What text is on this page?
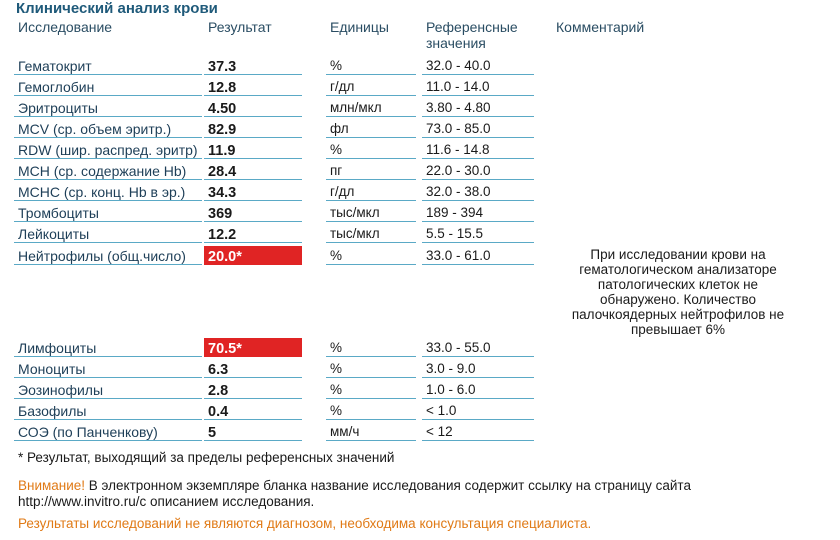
Клинический анализ крови
Исследование	Результат	Единицы	Референсные
значения
Комментарий
Гематокрит	37.3	%	32.0 - 40.0
Гемоглобин	12.8	г/дл	11.0 - 14.0
Эритроциты	4.50	млн/мкл	3.80 - 4.80
MCV (ср. объем эритр.)	82.9	фл	73.0 - 85.0
RDW (шир. распред. эритр) 11.9	%	11.6 - 14.8
MCH (ср. содержание Hb)	28.4	пг	22.0 - 30.0
MCHC (ср. конц. Hb в эр.)	34.3	г/дл	32.0 - 38.0
Тромбоциты	369	тыс/мкл	189 - 394
Лейкоциты	12.2	тыс/мкл	5.5 - 15.5
Нейтрофилы (общ.число)	20.0*	%	33.0 - 61.0
Лимфоциты	70.5*	%	33.0 - 55.0
Моноциты	6.3	%	3.0 - 9.0
Эозинофилы	2.8	%	1.0 - 6.0
Базофилы	0.4	%	< 1.0
СОЭ (по Панченкову)	5	мм/ч	< 12
При исследовании крови на
гематологическом анализаторе
патологических клеток не
обнаружено. Количество
палочкоядерных нейтрофилов не
превышает 6%
* Результат, выходящий за пределы референсных значений
Внимание! В электронном экземпляре бланка название исследования содержит ссылку на страницу сайта
http://www.invitro.ru/c описанием исследования.
Результаты исследований не являются диагнозом, необходима консультация специалиста.
